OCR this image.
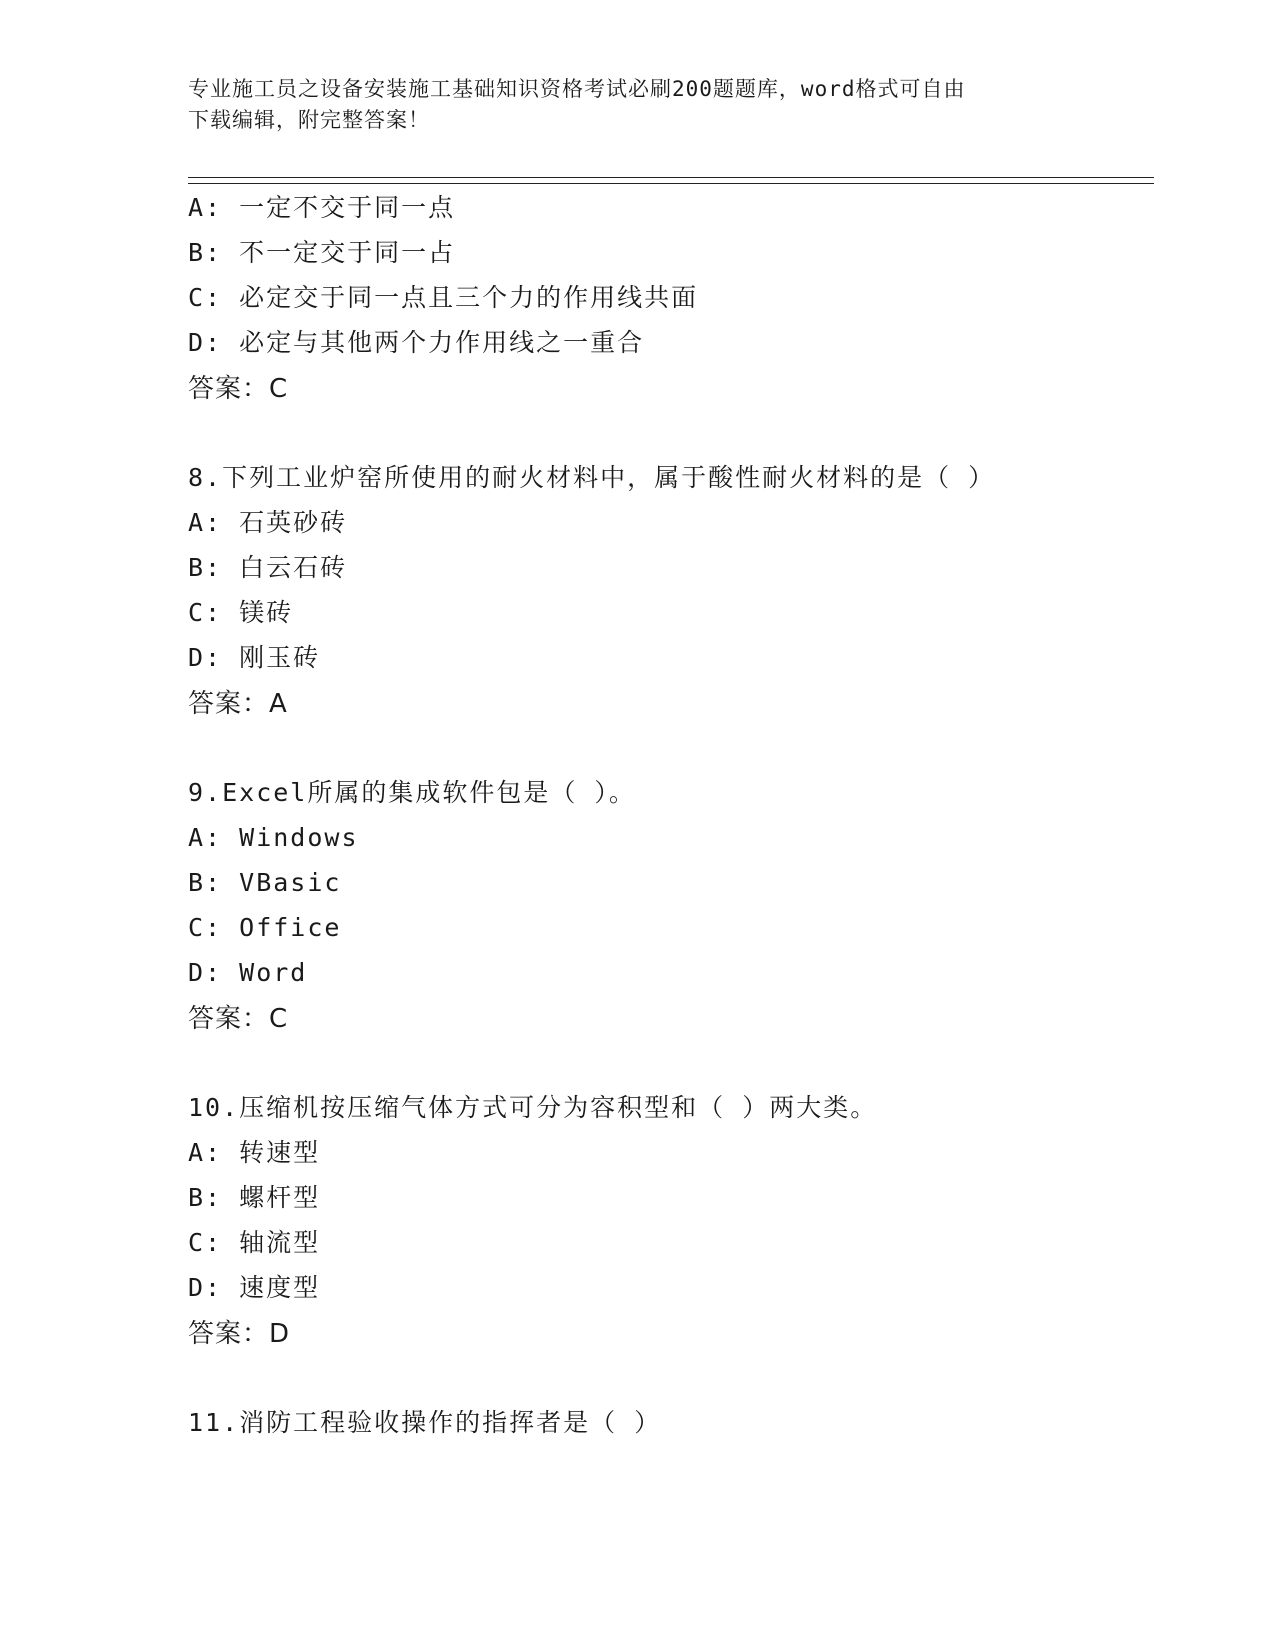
专业施工员之设备安装施工基础知识资格考试必刷200题题库，word格式可自由
下载编辑，附完整答案！
A: 一定不交于同一点
B: 不一定交于同一占
C: 必定交于同一点且三个力的作用线共面
D: 必定与其他两个力作用线之一重合
答案：C
8.下列工业炉窑所使用的耐火材料中，属于酸性耐火材料的是（ ）
A: 石英砂砖
B: 白云石砖
C: 镁砖
D: 刚玉砖
答案：A
9.Excel所属的集成软件包是（ ）。
A: Windows
B: VBasic
C: Office
D: Word
答案：C
10.压缩机按压缩气体方式可分为容积型和（ ）两大类。
A: 转速型
B: 螺杆型
C: 轴流型
D: 速度型
答案：D
11.消防工程验收操作的指挥者是（ ）
